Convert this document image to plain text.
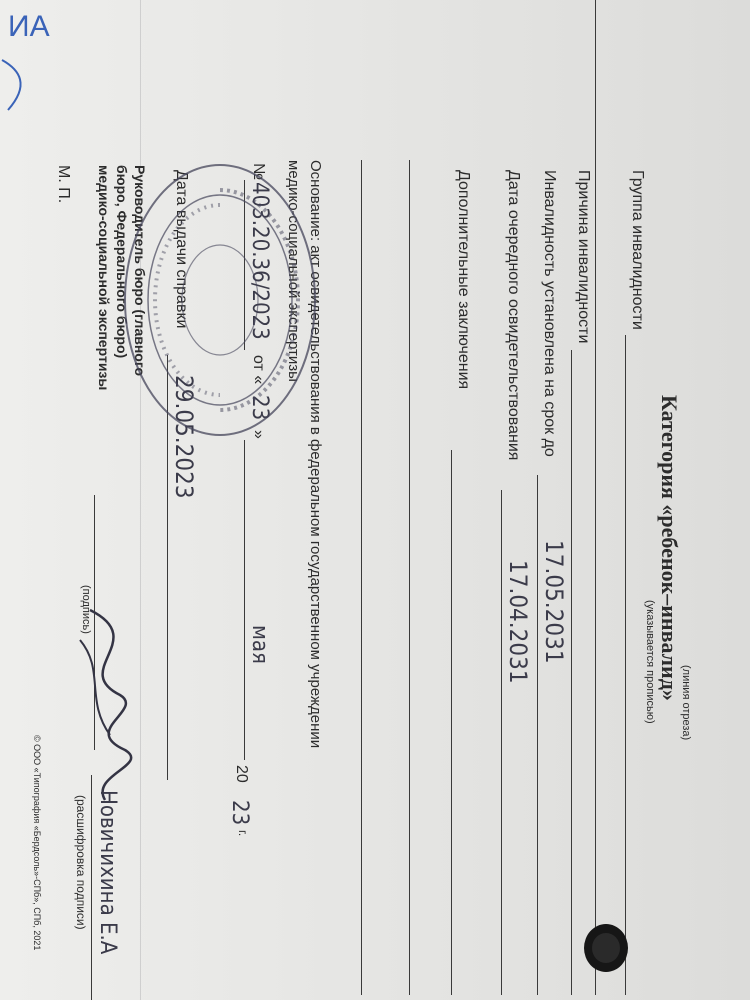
ИА
(линия отреза)
Категория «ребенок–инвалид»
(указывается прописью)
Группа инвалидности
Причина инвалидности
Инвалидность установлена на срок до
17.05.2031
Дата очередного освидетельствования
17.04.2031
Дополнительные заключения
Основание: акт освидетельствования в федеральном государственном учреждении
медико-социальной экспертизы
№
403.20.36/2023
от «
23
»
мая
20
23
г.
Дата выдачи справки
29.05.2023
Руководитель бюро (главного
бюро, Федерального бюро)
медико-социальной экспертизы
(подпись)
Новичихина Е.А
(расшифровка подписи)
М. П.
© ООО «Типография «Бердсоль»-СПб», СПб, 2021
